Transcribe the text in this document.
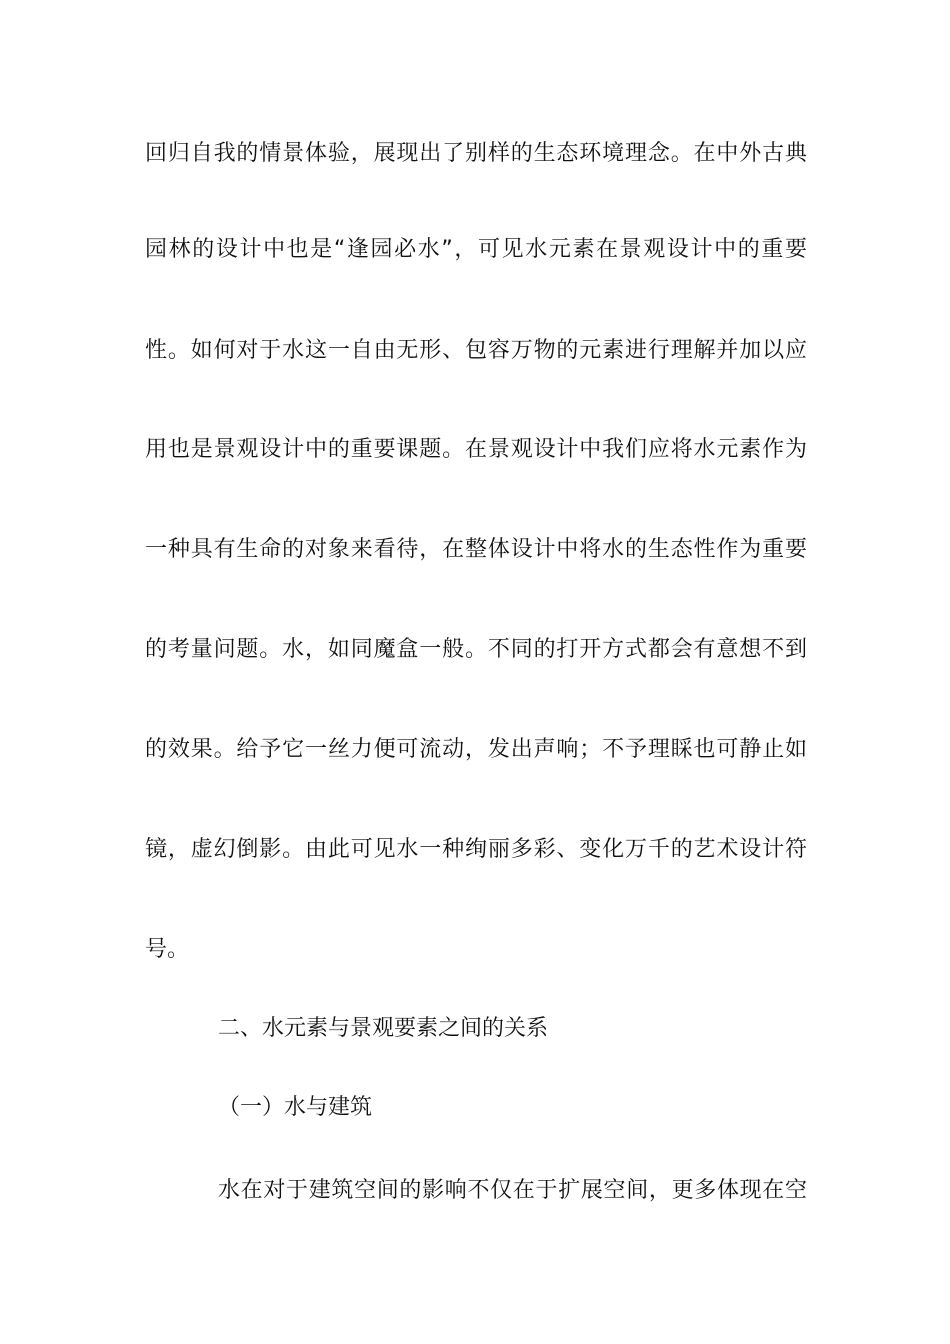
回归自我的情景体验，展现出了别样的生态环境理念。在中外古典
园林的设计中也是“逢园必水”，可见水元素在景观设计中的重要
性。如何对于水这一自由无形、包容万物的元素进行理解并加以应
用也是景观设计中的重要课题。在景观设计中我们应将水元素作为
一种具有生命的对象来看待，在整体设计中将水的生态性作为重要
的考量问题。水，如同魔盒一般。不同的打开方式都会有意想不到
的效果。给予它一丝力便可流动，发出声响；不予理睬也可静止如
镜，虚幻倒影。由此可见水一种绚丽多彩、变化万千的艺术设计符
号。
二、水元素与景观要素之间的关系
（一）水与建筑
水在对于建筑空间的影响不仅在于扩展空间，更多体现在空
